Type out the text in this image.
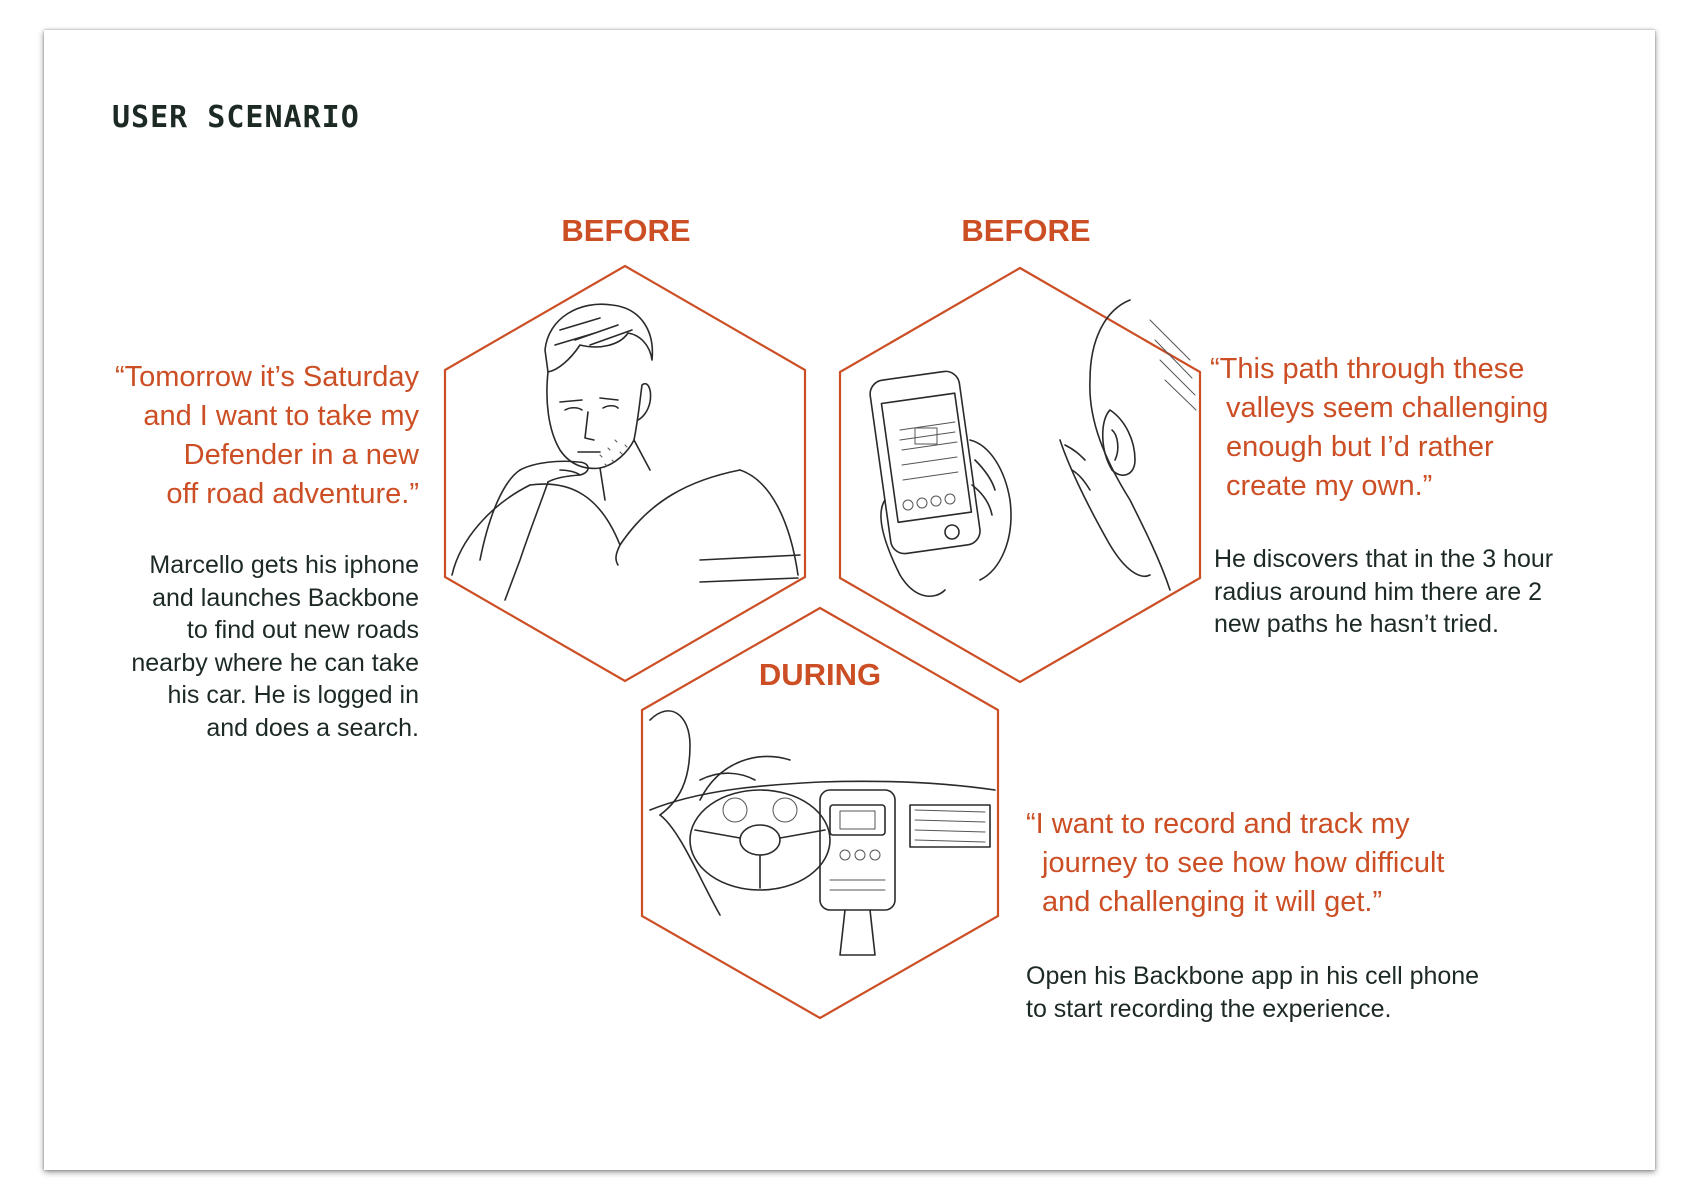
USER SCENARIO
BEFORE	BEFORE
DURING
“Tomorrow it’s Saturday
and I want to take my
Defender in a new
off road adventure.”
Marcello gets his iphone
and launches Backbone
to find out new roads
nearby where he can take
his car. He is logged in
and does a search.
“This path through these
valleys seem challenging
enough but I’d rather
create my own.”
He discovers that in the 3 hour
radius around him there are 2
new paths he hasn’t tried.
“I want to record and track my
journey to see how how difficult
and challenging it will get.”
Open his Backbone app in his cell phone
to start recording the experience.
